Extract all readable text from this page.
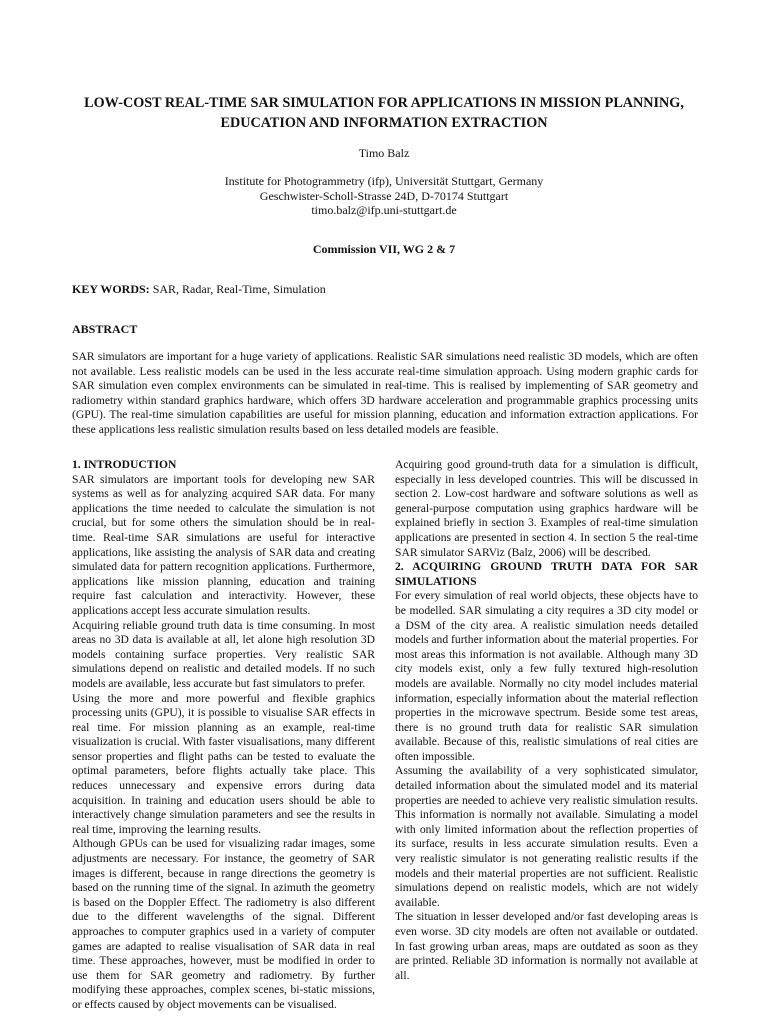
LOW-COST REAL-TIME SAR SIMULATION FOR APPLICATIONS IN MISSION PLANNING, EDUCATION AND INFORMATION EXTRACTION

Timo Balz

Institute for Photogrammetry (ifp), Universität Stuttgart, Germany
Geschwister-Scholl-Strasse 24D, D-70174 Stuttgart
timo.balz@ifp.uni-stuttgart.de

Commission VII, WG 2 & 7

KEY WORDS: SAR, Radar, Real-Time, Simulation

ABSTRACT

SAR simulators are important for a huge variety of applications. Realistic SAR simulations need realistic 3D models, which are often not available. Less realistic models can be used in the less accurate real-time simulation approach. Using modern graphic cards for SAR simulation even complex environments can be simulated in real-time. This is realised by implementing of SAR geometry and radiometry within standard graphics hardware, which offers 3D hardware acceleration and programmable graphics processing units (GPU). The real-time simulation capabilities are useful for mission planning, education and information extraction applications. For these applications less realistic simulation results based on less detailed models are feasible.

1. INTRODUCTION

SAR simulators are important tools for developing new SAR systems as well as for analyzing acquired SAR data. For many applications the time needed to calculate the simulation is not crucial, but for some others the simulation should be in real-time. Real-time SAR simulations are useful for interactive applications, like assisting the analysis of SAR data and creating simulated data for pattern recognition applications. Furthermore, applications like mission planning, education and training require fast calculation and interactivity. However, these applications accept less accurate simulation results.

Acquiring reliable ground truth data is time consuming. In most areas no 3D data is available at all, let alone high resolution 3D models containing surface properties. Very realistic SAR simulations depend on realistic and detailed models. If no such models are available, less accurate but fast simulators to prefer.

Using the more and more powerful and flexible graphics processing units (GPU), it is possible to visualise SAR effects in real time. For mission planning as an example, real-time visualization is crucial. With faster visualisations, many different sensor properties and flight paths can be tested to evaluate the optimal parameters, before flights actually take place. This reduces unnecessary and expensive errors during data acquisition. In training and education users should be able to interactively change simulation parameters and see the results in real time, improving the learning results.

Although GPUs can be used for visualizing radar images, some adjustments are necessary. For instance, the geometry of SAR images is different, because in range directions the geometry is based on the running time of the signal. In azimuth the geometry is based on the Doppler Effect. The radiometry is also different due to the different wavelengths of the signal. Different approaches to computer graphics used in a variety of computer games are adapted to realise visualisation of SAR data in real time. These approaches, however, must be modified in order to use them for SAR geometry and radiometry. By further modifying these approaches, complex scenes, bi-static missions, or effects caused by object movements can be visualised.

Acquiring good ground-truth data for a simulation is difficult, especially in less developed countries. This will be discussed in section 2. Low-cost hardware and software solutions as well as general-purpose computation using graphics hardware will be explained briefly in section 3. Examples of real-time simulation applications are presented in section 4. In section 5 the real-time SAR simulator SARViz (Balz, 2006) will be described.

2. ACQUIRING GROUND TRUTH DATA FOR SAR SIMULATIONS

For every simulation of real world objects, these objects have to be modelled. SAR simulating a city requires a 3D city model or a DSM of the city area. A realistic simulation needs detailed models and further information about the material properties. For most areas this information is not available. Although many 3D city models exist, only a few fully textured high-resolution models are available. Normally no city model includes material information, especially information about the material reflection properties in the microwave spectrum. Beside some test areas, there is no ground truth data for realistic SAR simulation available. Because of this, realistic simulations of real cities are often impossible.

Assuming the availability of a very sophisticated simulator, detailed information about the simulated model and its material properties are needed to achieve very realistic simulation results. This information is normally not available. Simulating a model with only limited information about the reflection properties of its surface, results in less accurate simulation results. Even a very realistic simulator is not generating realistic results if the models and their material properties are not sufficient. Realistic simulations depend on realistic models, which are not widely available.

The situation in lesser developed and/or fast developing areas is even worse. 3D city models are often not available or outdated. In fast growing urban areas, maps are outdated as soon as they are printed. Reliable 3D information is normally not available at all.
